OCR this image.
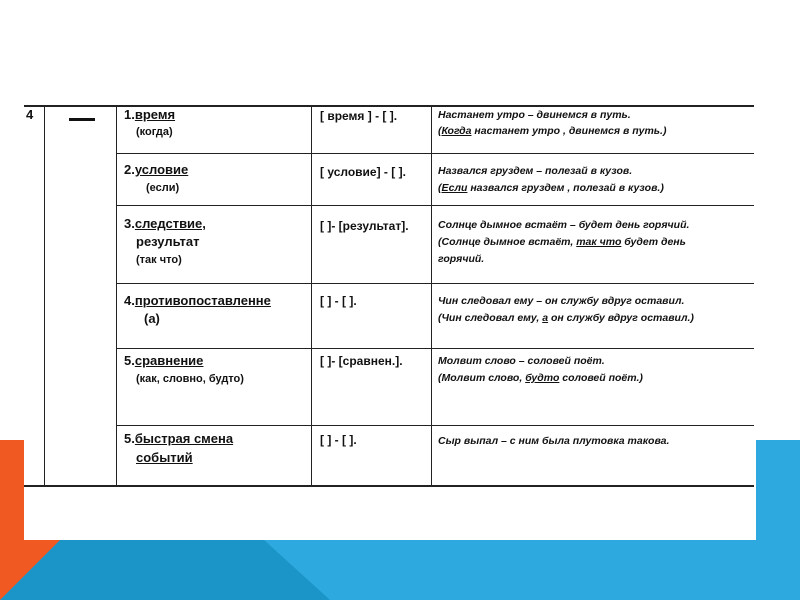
4	1.время
(когда)
[ время ] - [ ].	Настанет утро – двинемся в путь.
(Когда настанет утро , двинемся в путь.)
2.условие
(если)
[ условие] - [ ].	Назвался груздем – полезай в кузов.
(Если назвался груздем , полезай в кузов.)
3.следствие,
результат
(так что)
[ ]- [результат].	Солнце дымное встаёт – будет день горячий.
(Солнце дымное встаёт, так что будет день
горячий.
4.противопоставленне
(а)
[ ] - [ ].	Чин следовал ему – он службу вдруг оставил.
(Чин следовал ему, а он службу вдруг оставил.)
5.сравнение
(как, словно, будто)
[ ]- [сравнен.].	Молвит слово – соловей поёт.
(Молвит слово, будто соловей поёт.)
5.быстрая смена
событий
[ ] - [ ].	Сыр выпал – с ним была плутовка такова.
